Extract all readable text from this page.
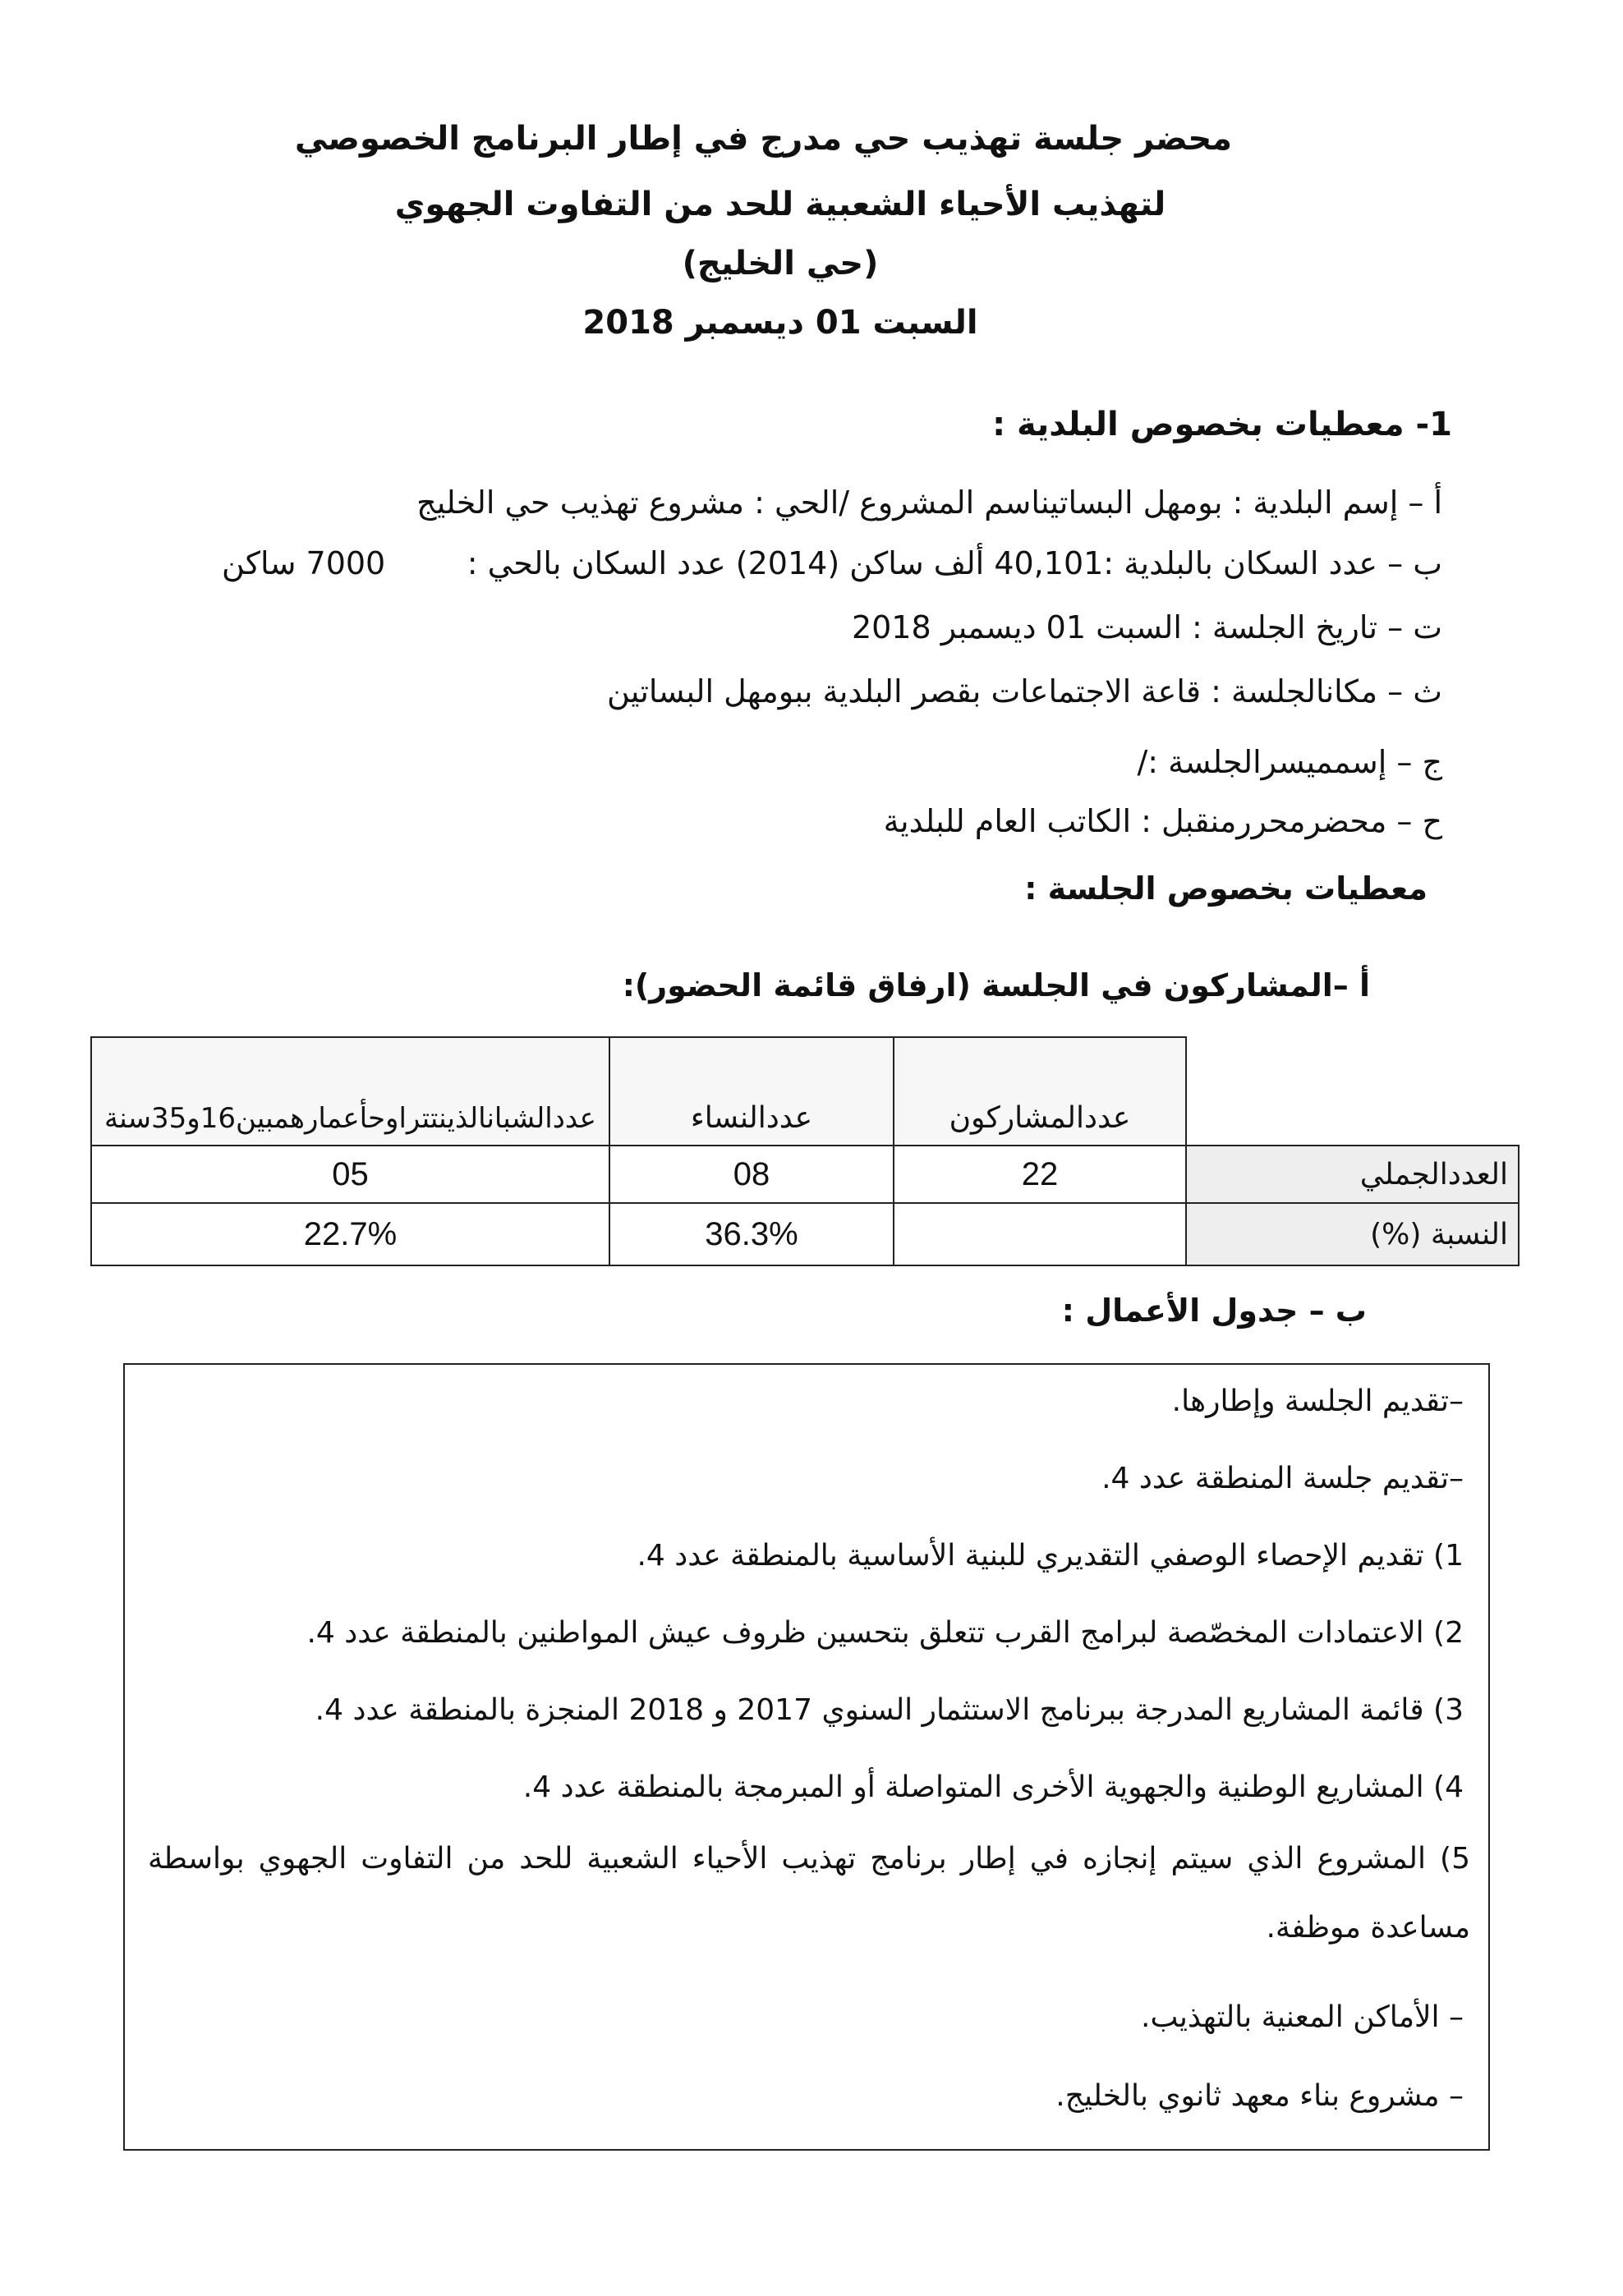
محضر جلسة تهذيب حي مدرج في إطار البرنامج الخصوصي
لتهذيب الأحياء الشعبية للحد من التفاوت الجهوي
(حي الخليج)
السبت 01 ديسمبر 2018
1- معطيات بخصوص البلدية :
أ – إسم البلدية : بومهل البساتيناسم المشروع /الحي : مشروع تهذيب حي الخليج
ب – عدد السكان بالبلدية :40,101 ألف ساكن (2014) عدد السكان بالحي :
7000 ساكن
ت – تاريخ الجلسة : السبت 01 ديسمبر 2018
ث – مكانالجلسة : قاعة الاجتماعات بقصر البلدية ببومهل البساتين
ج – إسمميسرالجلسة :/
ح – محضرمحررمنقبل : الكاتب العام للبلدية
معطيات بخصوص الجلسة :
أ –المشاركون في الجلسة (ارفاق قائمة الحضور):
	عددالمشاركون	عددالنساء	عددالشبانالذينتتراوحأعمارهمبين16و35سنة
العددالجملي	22	08	05
النسبة (%)		36.3%	22.7%
ب – جدول الأعمال :
–تقديم الجلسة وإطارها.
–تقديم جلسة المنطقة عدد 4.
1) تقديم الإحصاء الوصفي التقديري للبنية الأساسية بالمنطقة عدد 4.
2) الاعتمادات المخصّصة لبرامج القرب تتعلق بتحسين ظروف عيش المواطنين بالمنطقة عدد 4.
3) قائمة المشاريع المدرجة ببرنامج الاستثمار السنوي 2017 و 2018 المنجزة بالمنطقة عدد 4.
4) المشاريع الوطنية والجهوية الأخرى المتواصلة أو المبرمجة بالمنطقة عدد 4.
5) المشروع الذي سيتم إنجازه في إطار برنامج تهذيب الأحياء الشعبية للحد من التفاوت الجهوي بواسطة مساعدة موظفة.
– الأماكن المعنية بالتهذيب.
– مشروع بناء معهد ثانوي بالخليج.
